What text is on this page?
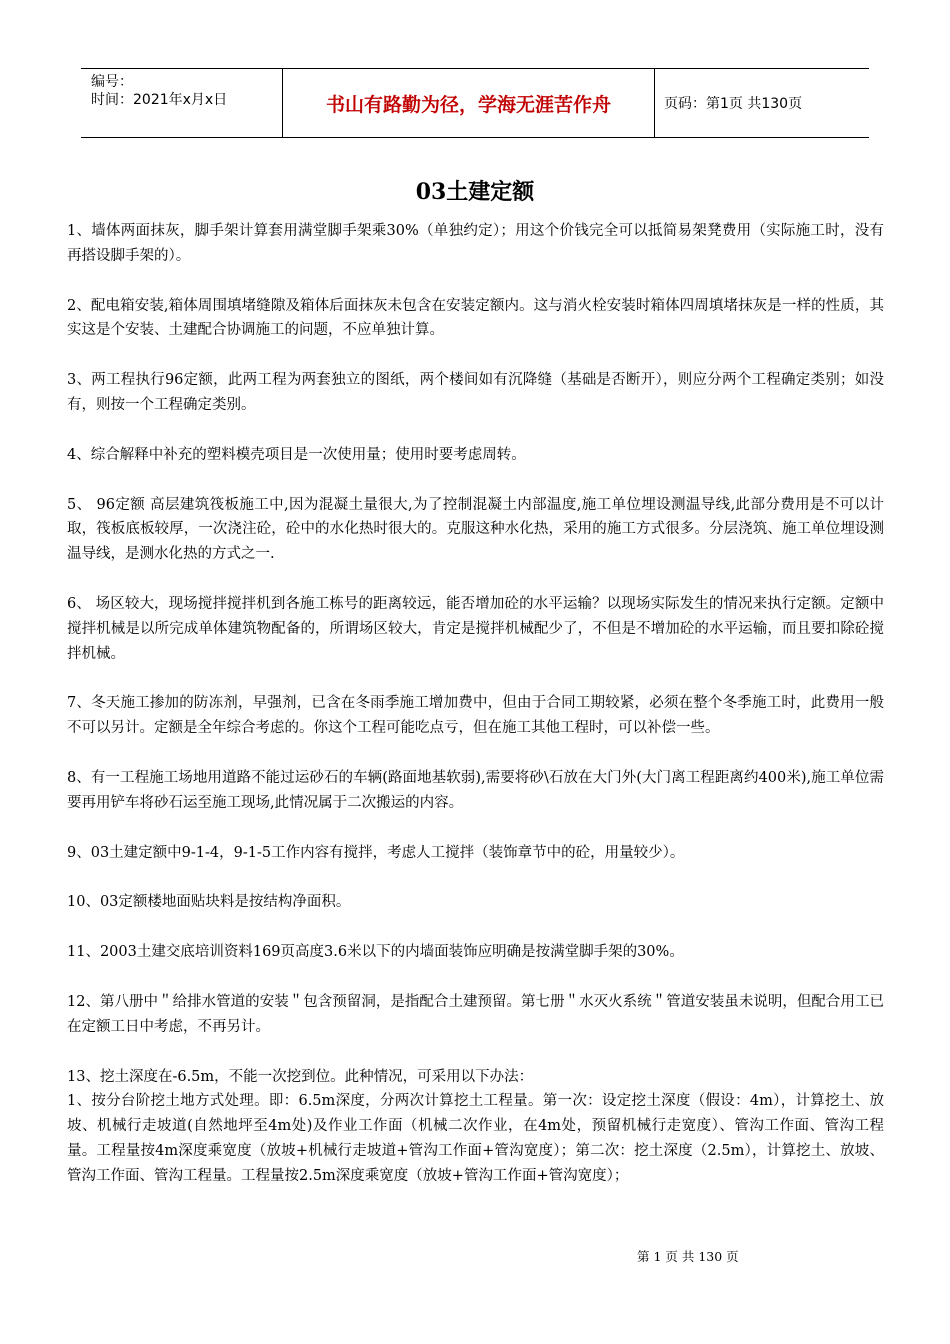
编号：
时间：2021年x月x日	书山有路勤为径，学海无涯苦作舟	页码：第1页 共130页
03土建定额

1、墙体两面抹灰，脚手架计算套用满堂脚手架乘30%（单独约定）；用这个价钱完全可以抵简易架凳费用（实际施工时，没有再搭设脚手架的）。

2、配电箱安装,箱体周围填堵缝隙及箱体后面抹灰未包含在安装定额内。这与消火栓安装时箱体四周填堵抹灰是一样的性质，其实这是个安装、土建配合协调施工的问题，不应单独计算。

3、两工程执行96定额，此两工程为两套独立的图纸，两个楼间如有沉降缝（基础是否断开），则应分两个工程确定类别；如没有，则按一个工程确定类别。

4、综合解释中补充的塑料模壳项目是一次使用量；使用时要考虑周转。

5、 96定额 高层建筑筏板施工中,因为混凝土量很大,为了控制混凝土内部温度,施工单位埋设测温导线,此部分费用是不可以计取，筏板底板较厚，一次浇注砼，砼中的水化热时很大的。克服这种水化热，采用的施工方式很多。分层浇筑、施工单位埋设测温导线，是测水化热的方式之一.

6、 场区较大，现场搅拌搅拌机到各施工栋号的距离较远，能否增加砼的水平运输？以现场实际发生的情况来执行定额。定额中搅拌机械是以所完成单体建筑物配备的，所谓场区较大，肯定是搅拌机械配少了，不但是不增加砼的水平运输，而且要扣除砼搅拌机械。

7、冬天施工掺加的防冻剂，早强剂，已含在冬雨季施工增加费中，但由于合同工期较紧，必须在整个冬季施工时，此费用一般不可以另计。定额是全年综合考虑的。你这个工程可能吃点亏，但在施工其他工程时，可以补偿一些。

8、有一工程施工场地用道路不能过运砂石的车辆(路面地基软弱),需要将砂\石放在大门外(大门离工程距离约400米),施工单位需要再用铲车将砂石运至施工现场,此情况属于二次搬运的内容。

9、03土建定额中9-1-4，9-1-5工作内容有搅拌，考虑人工搅拌（装饰章节中的砼，用量较少）。

10、03定额楼地面贴块料是按结构净面积。

11、2003土建交底培训资料169页高度3.6米以下的内墙面装饰应明确是按满堂脚手架的30%。

12、第八册中＂给排水管道的安装＂包含预留洞，是指配合土建预留。第七册＂水灭火系统＂管道安装虽未说明，但配合用工已在定额工日中考虑，不再另计。

13、挖土深度在-6.5m，不能一次挖到位。此种情况，可采用以下办法：

1、按分台阶挖土地方式处理。即：6.5m深度，分两次计算挖土工程量。第一次：设定挖土深度（假设：4m），计算挖土、放坡、机械行走坡道(自然地坪至4m处)及作业工作面（机械二次作业，在4m处，预留机械行走宽度）、管沟工作面、管沟工程量。工程量按4m深度乘宽度（放坡+机械行走坡道+管沟工作面+管沟宽度）；第二次：挖土深度（2.5m），计算挖土、放坡、管沟工作面、管沟工程量。工程量按2.5m深度乘宽度（放坡+管沟工作面+管沟宽度）；

第 1 页 共 130 页
